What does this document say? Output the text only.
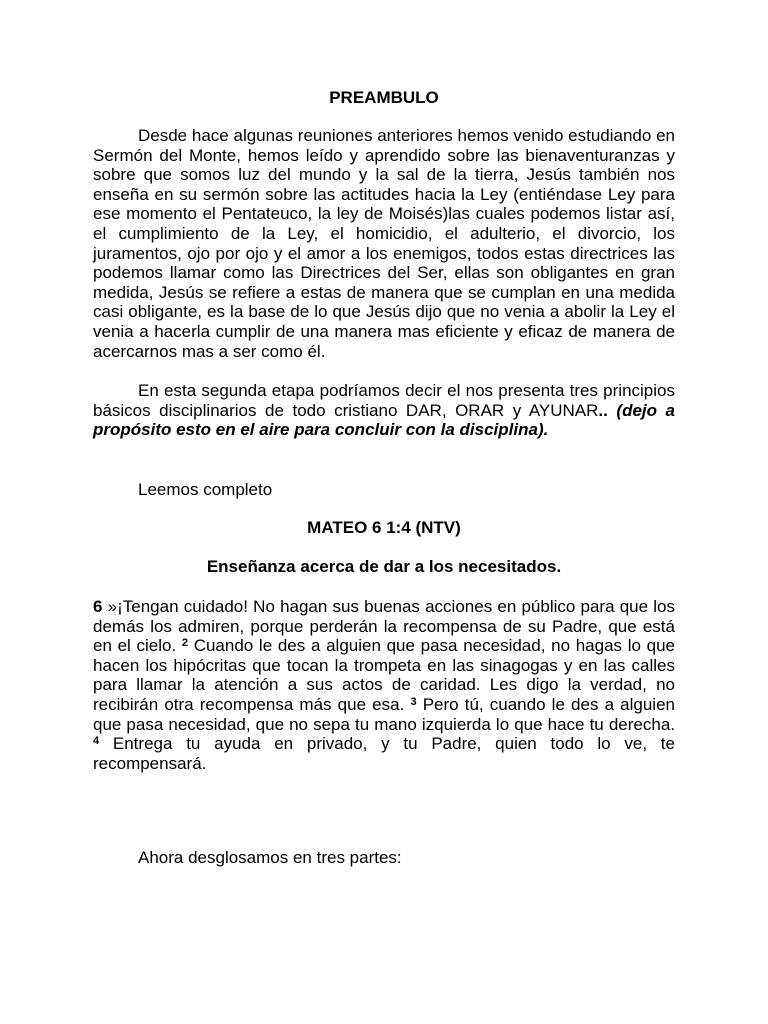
PREAMBULO

Desde hace algunas reuniones anteriores hemos venido estudiando en Sermón del Monte, hemos leído y aprendido sobre las bienaventuranzas y sobre que somos luz del mundo y la sal de la tierra, Jesús también nos enseña en su sermón sobre las actitudes hacia la Ley (entiéndase Ley para ese momento el Pentateuco, la ley de Moisés)las cuales podemos listar así, el cumplimiento de la Ley, el homicidio, el adulterio, el divorcio, los juramentos, ojo por ojo y el amor a los enemigos, todos estas directrices las podemos llamar como las Directrices del Ser, ellas son obligantes en gran medida, Jesús se refiere a estas de manera que se cumplan en una medida casi obligante, es la base de lo que Jesús dijo que no venia a abolir la Ley el venia a hacerla cumplir de una manera mas eficiente y eficaz de manera de acercarnos mas a ser como él.

En esta segunda etapa podríamos decir el nos presenta tres principios básicos disciplinarios de todo cristiano DAR, ORAR y AYUNAR.. (dejo a propósito esto en el aire para concluir con la disciplina).

Leemos completo

MATEO 6 1:4 (NTV)

Enseñanza acerca de dar a los necesitados.

6 »¡Tengan cuidado! No hagan sus buenas acciones en público para que los demás los admiren, porque perderán la recompensa de su Padre, que está en el cielo. $^2$ Cuando le des a alguien que pasa necesidad, no hagas lo que hacen los hipócritas que tocan la trompeta en las sinagogas y en las calles para llamar la atención a sus actos de caridad. Les digo la verdad, no recibirán otra recompensa más que esa. $^3$ Pero tú, cuando le des a alguien que pasa necesidad, que no sepa tu mano izquierda lo que hace tu derecha. $^4$ Entrega tu ayuda en privado, y tu Padre, quien todo lo ve, te recompensará.

Ahora desglosamos en tres partes:
